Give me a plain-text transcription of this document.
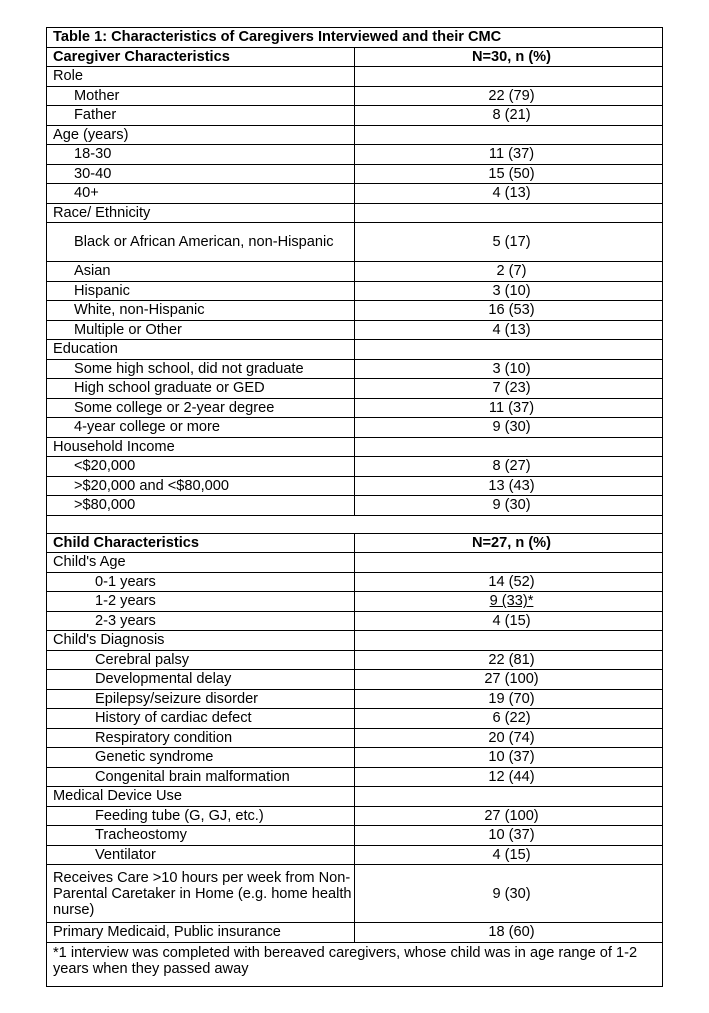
Table 1: Characteristics of Caregivers Interviewed and their CMC	
Caregiver Characteristics	N=30, n (%)
Role	
Mother	22 (79)
Father	8 (21)
Age (years)	
18-30	11 (37)
30-40	15 (50)
40+	4 (13)
Race/ Ethnicity	
Black or African American, non-Hispanic	5 (17)
Asian	2 (7)
Hispanic	3 (10)
White, non-Hispanic	16 (53)
Multiple or Other	4 (13)
Education	
Some high school, did not graduate	3 (10)
High school graduate or GED	7 (23)
Some college or 2-year degree	11 (37)
4-year college or more	9 (30)
Household Income	
<$20,000	8 (27)
>$20,000 and <$80,000	13 (43)
>$80,000	9 (30)

Child Characteristics	N=27, n (%)
Child's Age	
0-1 years	14 (52)
1-2 years	9 (33)*
2-3 years	4 (15)
Child's Diagnosis	
Cerebral palsy	22 (81)
Developmental delay	27 (100)
Epilepsy/seizure disorder	19 (70)
History of cardiac defect	6 (22)
Respiratory condition	20 (74)
Genetic syndrome	10 (37)
Congenital brain malformation	12 (44)
Medical Device Use	
Feeding tube (G, GJ, etc.)	27 (100)
Tracheostomy	10 (37)
Ventilator	4 (15)
Receives Care >10 hours per week from Non-Parental Caretaker in Home (e.g. home health nurse)	9 (30)
Primary Medicaid, Public insurance	18 (60)
*1 interview was completed with bereaved caregivers, whose child was in age range of 1-2 years when they passed away	
